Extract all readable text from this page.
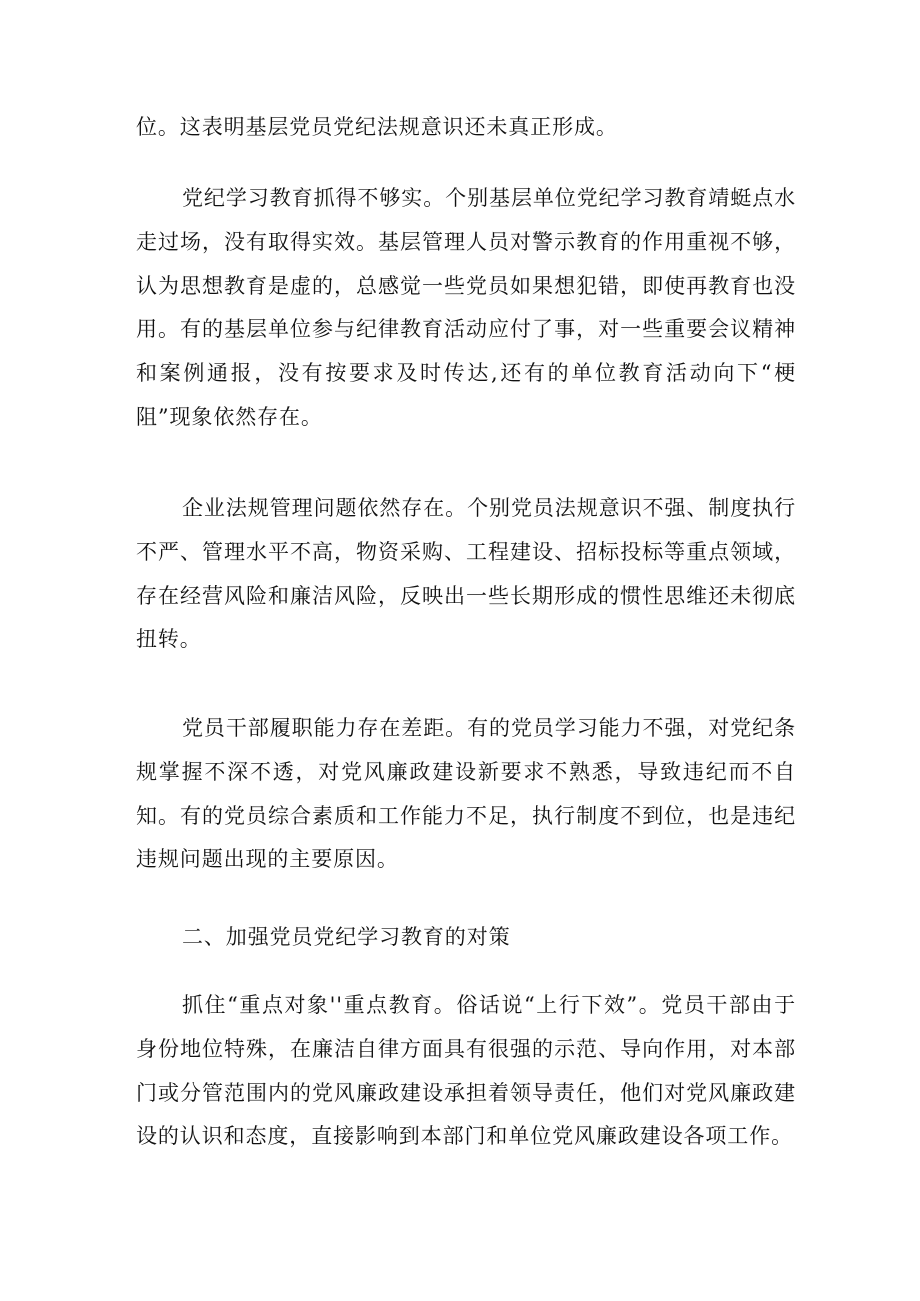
位。这表明基层党员党纪法规意识还未真正形成。

党纪学习教育抓得不够实。个别基层单位党纪学习教育靖蜓点水走过场，没有取得实效。基层管理人员对警示教育的作用重视不够，认为思想教育是虚的，总感觉一些党员如果想犯错，即使再教育也没用。有的基层单位参与纪律教育活动应付了事，对一些重要会议精神和案例通报，没有按要求及时传达,还有的单位教育活动向下“梗阻”现象依然存在。

企业法规管理问题依然存在。个别党员法规意识不强、制度执行不严、管理水平不高，物资采购、工程建设、招标投标等重点领域，存在经营风险和廉洁风险，反映出一些长期形成的惯性思维还未彻底扭转。

党员干部履职能力存在差距。有的党员学习能力不强，对党纪条规掌握不深不透，对党风廉政建设新要求不熟悉，导致违纪而不自知。有的党员综合素质和工作能力不足，执行制度不到位，也是违纪违规问题出现的主要原因。

二、加强党员党纪学习教育的对策

抓住“重点对象''重点教育。俗话说“上行下效”。党员干部由于身份地位特殊，在廉洁自律方面具有很强的示范、导向作用，对本部门或分管范围内的党风廉政建设承担着领导责任，他们对党风廉政建设的认识和态度，直接影响到本部门和单位党风廉政建设各项工作。
